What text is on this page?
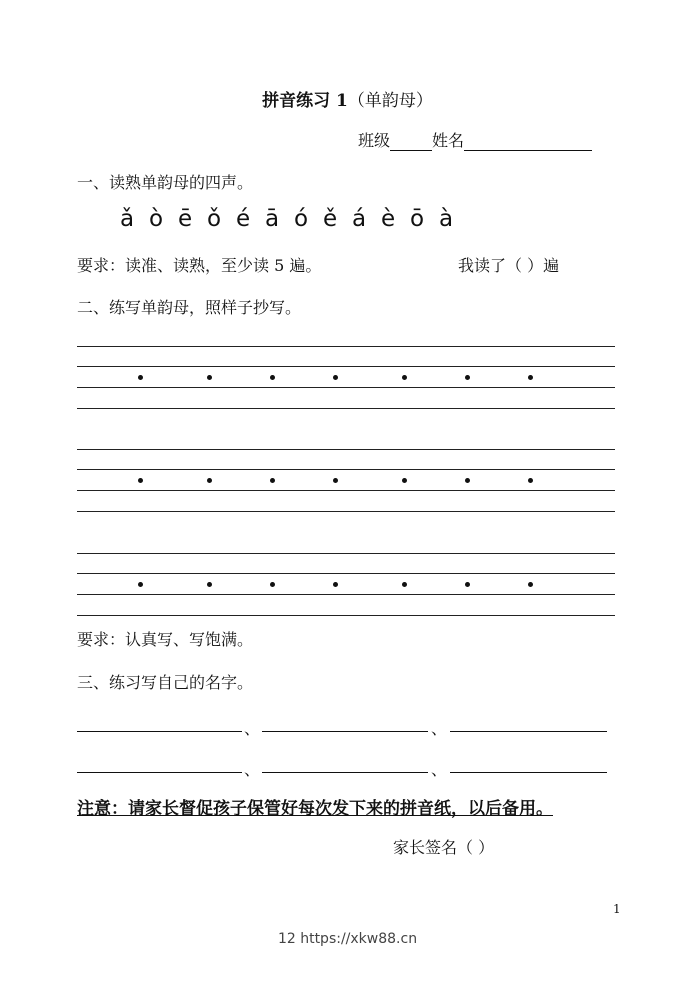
拼音练习 1（单韵母）
班级	姓名
一、读熟单韵母的四声。
ǎ ò ē ǒ é ā ó ě á è ō à
要求：读准、读熟，至少读 5 遍。	我读了（ ）遍
二、练写单韵母，照样子抄写。
要求：认真写、写饱满。
三、练习写自己的名字。
、	、
、	、
注意：请家长督促孩子保管好每次发下来的拼音纸，以后备用。
家长签名（ ）
1
12 https://xkw88.cn
